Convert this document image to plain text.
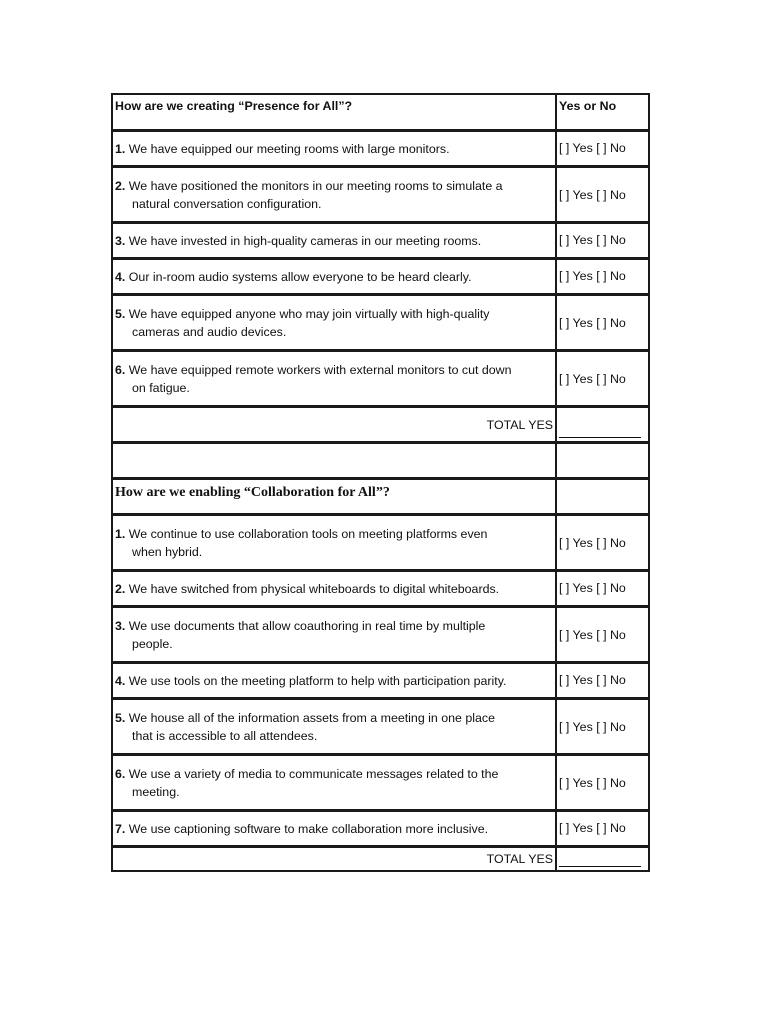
How are we creating “Presence for All”?	Yes or No
1. We have equipped our meeting rooms with large monitors.	[ ] Yes [ ] No
2. We have positioned the monitors in our meeting rooms to simulate a
natural conversation configuration.
[ ] Yes [ ] No
3. We have invested in high-quality cameras in our meeting rooms.	[ ] Yes [ ] No
4. Our in-room audio systems allow everyone to be heard clearly.	[ ] Yes [ ] No
5. We have equipped anyone who may join virtually with high-quality
cameras and audio devices.
[ ] Yes [ ] No
6. We have equipped remote workers with external monitors to cut down
on fatigue.
[ ] Yes [ ] No
TOTAL YES
How are we enabling “Collaboration for All”?
1. We continue to use collaboration tools on meeting platforms even
when hybrid.
[ ] Yes [ ] No
2. We have switched from physical whiteboards to digital whiteboards.	[ ] Yes [ ] No
3. We use documents that allow coauthoring in real time by multiple
people.
[ ] Yes [ ] No
4. We use tools on the meeting platform to help with participation parity.	[ ] Yes [ ] No
5. We house all of the information assets from a meeting in one place
that is accessible to all attendees.
[ ] Yes [ ] No
6. We use a variety of media to communicate messages related to the
meeting.
[ ] Yes [ ] No
7. We use captioning software to make collaboration more inclusive.	[ ] Yes [ ] No
TOTAL YES
